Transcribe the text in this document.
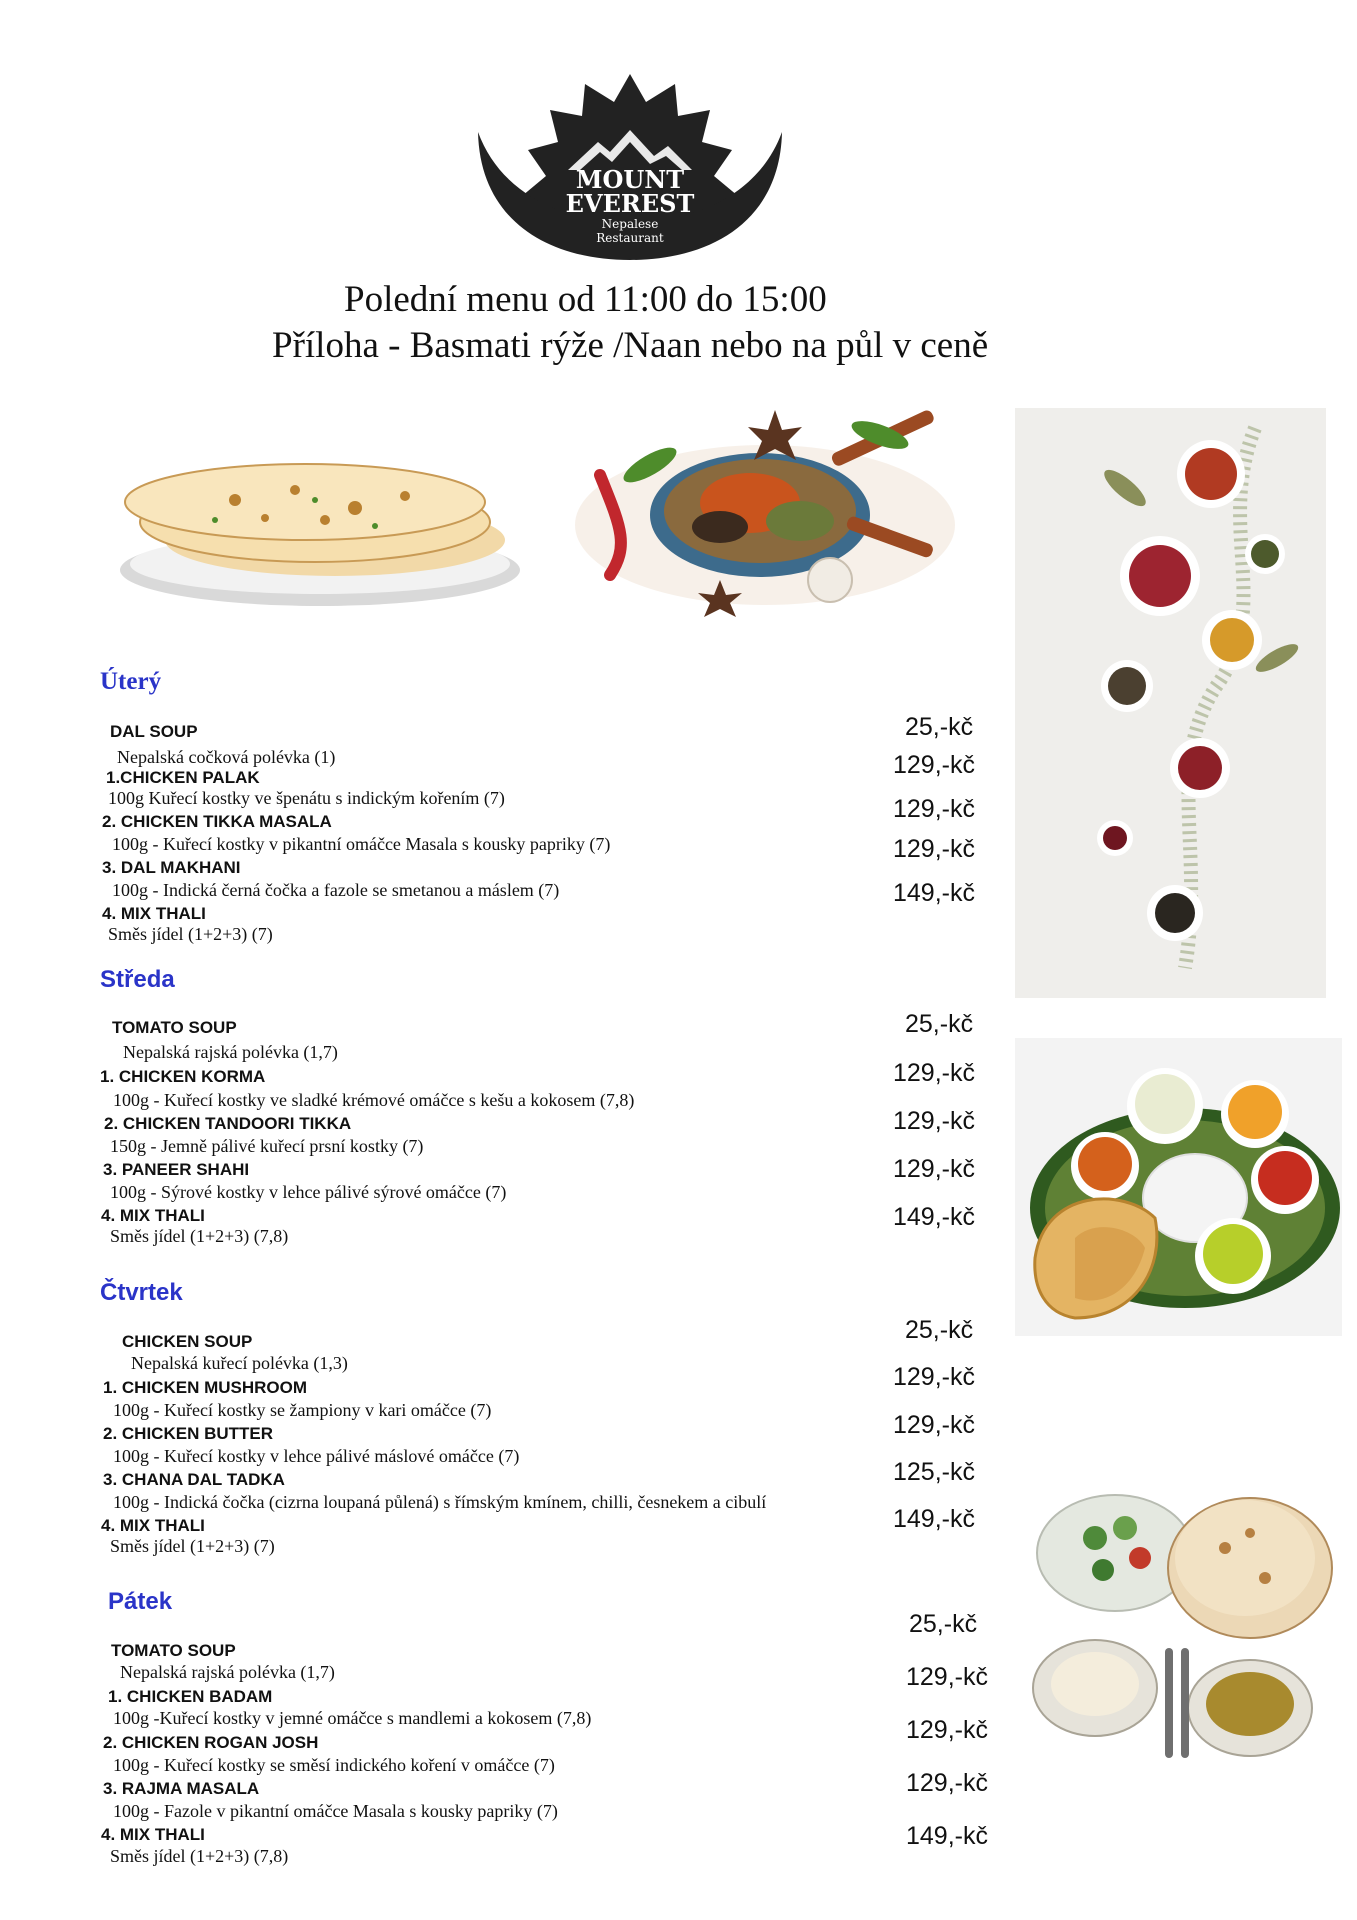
MOUNT
EVEREST
Nepalese
Restaurant
Polední menu od 11:00 do 15:00
Příloha - Basmati rýže /Naan nebo na půl v ceně
Úterý
DAL SOUP
Nepalská cočková polévka (1)
25,-kč
1.CHICKEN PALAK
100g Kuřecí kostky ve špenátu s indickým kořením (7)
129,-kč
2. CHICKEN TIKKA MASALA
100g - Kuřecí kostky v pikantní omáčce Masala s kousky papriky (7)
129,-kč
3. DAL MAKHANI
100g - Indická černá čočka a fazole se smetanou a máslem (7)
129,-kč
4. MIX THALI
Směs jídel (1+2+3) (7)
149,-kč
Středa
TOMATO SOUP
Nepalská rajská polévka (1,7)
25,-kč
1. CHICKEN KORMA
100g - Kuřecí kostky ve sladké krémové omáčce s kešu a kokosem (7,8)
129,-kč
2. CHICKEN TANDOORI TIKKA
150g - Jemně pálivé kuřecí prsní kostky (7)
129,-kč
3. PANEER SHAHI
100g - Sýrové kostky v lehce pálivé sýrové omáčce (7)
129,-kč
4. MIX THALI
Směs jídel (1+2+3) (7,8)
149,-kč
Čtvrtek
CHICKEN SOUP
Nepalská kuřecí polévka (1,3)
25,-kč
1. CHICKEN MUSHROOM
100g - Kuřecí kostky se žampiony v kari omáčce (7)
129,-kč
2. CHICKEN BUTTER
100g - Kuřecí kostky v lehce pálivé máslové omáčce (7)
129,-kč
3. CHANA DAL TADKA
100g - Indická čočka (cizrna loupaná půlená) s římským kmínem, chilli, česnekem a cibulí
125,-kč
4. MIX THALI
Směs jídel (1+2+3) (7)
149,-kč
Pátek
TOMATO SOUP
Nepalská rajská polévka (1,7)
25,-kč
1. CHICKEN BADAM
100g -Kuřecí kostky v jemné omáčce s mandlemi a kokosem (7,8)
129,-kč
2. CHICKEN ROGAN JOSH
100g - Kuřecí kostky se směsí indického koření v omáčce (7)
129,-kč
3. RAJMA MASALA
100g - Fazole v pikantní omáčce Masala s kousky papriky (7)
129,-kč
4. MIX THALI
Směs jídel (1+2+3) (7,8)
149,-kč
